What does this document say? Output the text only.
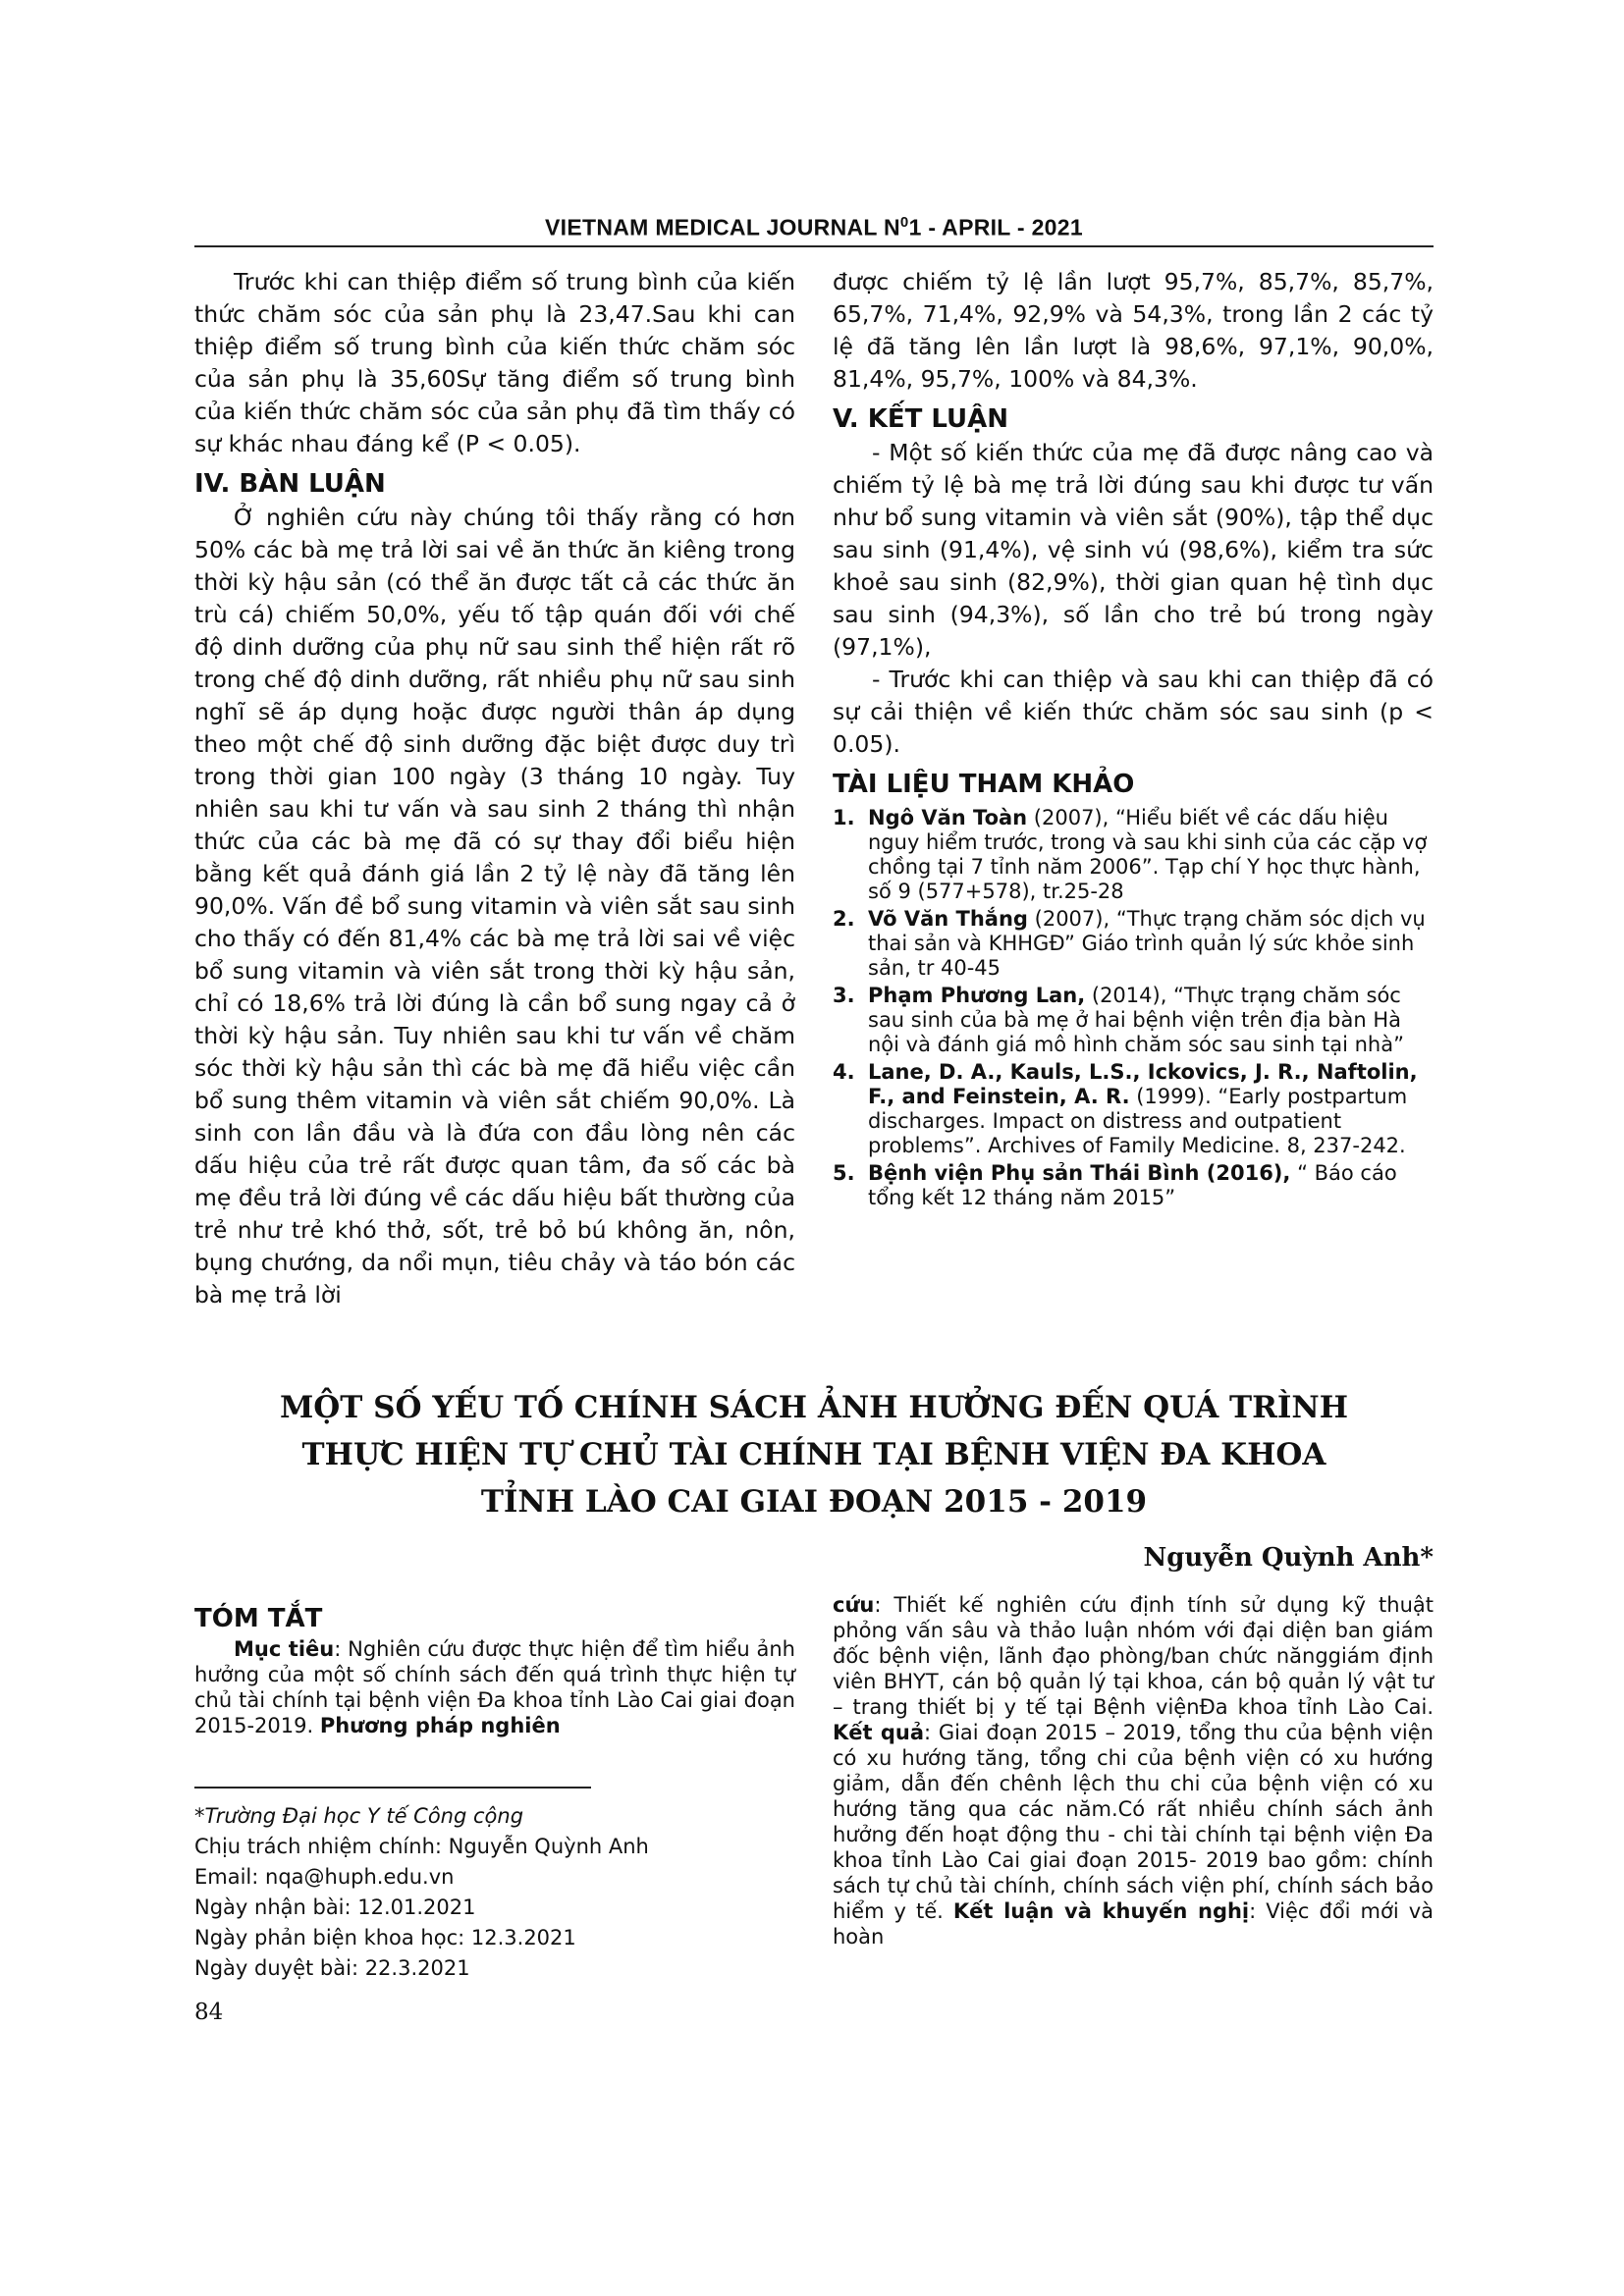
VIETNAM MEDICAL JOURNAL $N^01$ - APRIL - 2021

Trước khi can thiệp điểm số trung bình của kiến thức chăm sóc của sản phụ là 23,47.Sau khi can thiệp điểm số trung bình của kiến thức chăm sóc của sản phụ là 35,60Sự tăng điểm số trung bình của kiến thức chăm sóc của sản phụ đã tìm thấy có sự khác nhau đáng kể (P < 0.05).

IV. BÀN LUẬN

Ở nghiên cứu này chúng tôi thấy rằng có hơn 50% các bà mẹ trả lời sai về ăn thức ăn kiêng trong thời kỳ hậu sản (có thể ăn được tất cả các thức ăn trù cá) chiếm 50,0%, yếu tố tập quán đối với chế độ dinh dưỡng của phụ nữ sau sinh thể hiện rất rõ trong chế độ dinh dưỡng, rất nhiều phụ nữ sau sinh nghĩ sẽ áp dụng hoặc được người thân áp dụng theo một chế độ sinh dưỡng đặc biệt được duy trì trong thời gian 100 ngày (3 tháng 10 ngày. Tuy nhiên sau khi tư vấn và sau sinh 2 tháng thì nhận thức của các bà mẹ đã có sự thay đổi biểu hiện bằng kết quả đánh giá lần 2 tỷ lệ này đã tăng lên 90,0%. Vấn đề bổ sung vitamin và viên sắt sau sinh cho thấy có đến 81,4% các bà mẹ trả lời sai về việc bổ sung vitamin và viên sắt trong thời kỳ hậu sản, chỉ có 18,6% trả lời đúng là cần bổ sung ngay cả ở thời kỳ hậu sản. Tuy nhiên sau khi tư vấn về chăm sóc thời kỳ hậu sản thì các bà mẹ đã hiểu việc cần bổ sung thêm vitamin và viên sắt chiếm 90,0%. Là sinh con lần đầu và là đứa con đầu lòng nên các dấu hiệu của trẻ rất được quan tâm, đa số các bà mẹ đều trả lời đúng về các dấu hiệu bất thường của trẻ như trẻ khó thở, sốt, trẻ bỏ bú không ăn, nôn, bụng chướng, da nổi mụn, tiêu chảy và táo bón các bà mẹ trả lời

được chiếm tỷ lệ lần lượt 95,7%, 85,7%, 85,7%, 65,7%, 71,4%, 92,9% và 54,3%, trong lần 2 các tỷ lệ đã tăng lên lần lượt là 98,6%, 97,1%, 90,0%, 81,4%, 95,7%, 100% và 84,3%.

V. KẾT LUẬN

- Một số kiến thức của mẹ đã được nâng cao và chiếm tỷ lệ bà mẹ trả lời đúng sau khi được tư vấn như bổ sung vitamin và viên sắt (90%), tập thể dục sau sinh (91,4%), vệ sinh vú (98,6%), kiểm tra sức khoẻ sau sinh (82,9%), thời gian quan hệ tình dục sau sinh (94,3%), số lần cho trẻ bú trong ngày (97,1%),

- Trước khi can thiệp và sau khi can thiệp đã có sự cải thiện về kiến thức chăm sóc sau sinh (p < 0.05).

TÀI LIỆU THAM KHẢO
1. Ngô Văn Toàn (2007), “Hiểu biết về các dấu hiệu nguy hiểm trước, trong và sau khi sinh của các cặp vợ chồng tại 7 tỉnh năm 2006”. Tạp chí Y học thực hành, số 9 (577+578), tr.25-28
2. Võ Văn Thắng (2007), “Thực trạng chăm sóc dịch vụ thai sản và KHHGĐ” Giáo trình quản lý sức khỏe sinh sản, tr 40-45
3. Phạm Phương Lan, (2014), “Thực trạng chăm sóc sau sinh của bà mẹ ở hai bệnh viện trên địa bàn Hà nội và đánh giá mô hình chăm sóc sau sinh tại nhà”
4. Lane, D. A., Kauls, L.S., Ickovics, J. R., Naftolin, F., and Feinstein, A. R. (1999). “Early postpartum discharges. Impact on distress and outpatient problems”. Archives of Family Medicine. 8, 237-242.
5. Bệnh viện Phụ sản Thái Bình (2016), “ Báo cáo tổng kết 12 tháng năm 2015”
MỘT SỐ YẾU TỐ CHÍNH SÁCH ẢNH HƯỞNG ĐẾN QUÁ TRÌNH
THỰC HIỆN TỰ CHỦ TÀI CHÍNH TẠI BỆNH VIỆN ĐA KHOA
TỈNH LÀO CAI GIAI ĐOẠN 2015 - 2019
Nguyễn Quỳnh Anh*
TÓM TẮT

Mục tiêu: Nghiên cứu được thực hiện để tìm hiểu ảnh hưởng của một số chính sách đến quá trình thực hiện tự chủ tài chính tại bệnh viện Đa khoa tỉnh Lào Cai giai đoạn 2015-2019. Phương pháp nghiên

cứu: Thiết kế nghiên cứu định tính sử dụng kỹ thuật phỏng vấn sâu và thảo luận nhóm với đại diện ban giám đốc bệnh viện, lãnh đạo phòng/ban chức nănggiám định viên BHYT, cán bộ quản lý tại khoa, cán bộ quản lý vật tư – trang thiết bị y tế tại Bệnh việnĐa khoa tỉnh Lào Cai. Kết quả: Giai đoạn 2015 – 2019, tổng thu của bệnh viện có xu hướng tăng, tổng chi của bệnh viện có xu hướng giảm, dẫn đến chênh lệch thu chi của bệnh viện có xu hướng tăng qua các năm.Có rất nhiều chính sách ảnh hưởng đến hoạt động thu - chi tài chính tại bệnh viện Đa khoa tỉnh Lào Cai giai đoạn 2015- 2019 bao gồm: chính sách tự chủ tài chính, chính sách viện phí, chính sách bảo hiểm y tế. Kết luận và khuyến nghị: Việc đổi mới và hoàn

*Trường Đại học Y tế Công cộng
Chịu trách nhiệm chính: Nguyễn Quỳnh Anh
Email: nqa@huph.edu.vn
Ngày nhận bài: 12.01.2021
Ngày phản biện khoa học: 12.3.2021
Ngày duyệt bài: 22.3.2021
84
